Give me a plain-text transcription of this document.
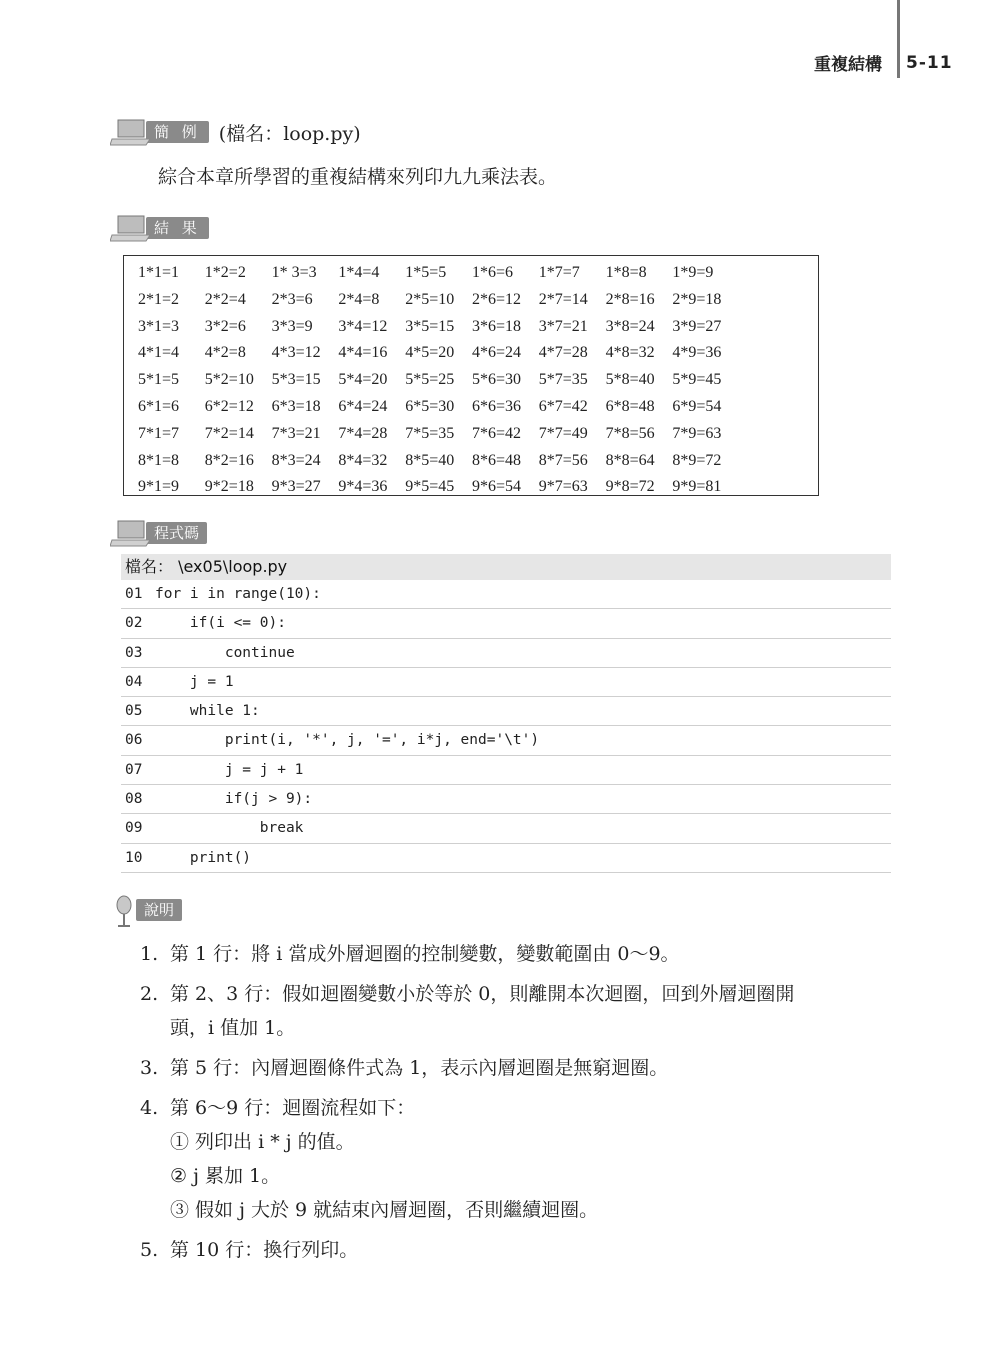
重複結構 5-11
簡 例 (檔名：loop.py)
綜合本章所學習的重複結構來列印九九乘法表。
結 果
1*1=1	1*2=2	1* 3=3	1*4=4	1*5=5	1*6=6	1*7=7	1*8=8	1*9=9
2*1=2	2*2=4	2*3=6	2*4=8	2*5=10	2*6=12	2*7=14	2*8=16	2*9=18
3*1=3	3*2=6	3*3=9	3*4=12	3*5=15	3*6=18	3*7=21	3*8=24	3*9=27
4*1=4	4*2=8	4*3=12	4*4=16	4*5=20	4*6=24	4*7=28	4*8=32	4*9=36
5*1=5	5*2=10	5*3=15	5*4=20	5*5=25	5*6=30	5*7=35	5*8=40	5*9=45
6*1=6	6*2=12	6*3=18	6*4=24	6*5=30	6*6=36	6*7=42	6*8=48	6*9=54
7*1=7	7*2=14	7*3=21	7*4=28	7*5=35	7*6=42	7*7=49	7*8=56	7*9=63
8*1=8	8*2=16	8*3=24	8*4=32	8*5=40	8*6=48	8*7=56	8*8=64	8*9=72
9*1=9	9*2=18	9*3=27	9*4=36	9*5=45	9*6=54	9*7=63	9*8=72	9*9=81
程式碼
檔名： \ex05\loop.py
01 for i in range(10):
02 if(i <= 0):
03 continue
04 j = 1
05 while 1:
06 print(i, '*', j, '=', i*j, end='\t')
07 j = j + 1
08 if(j > 9):
09 break
10 print()
說明
1. 第 1 行：將 i 當成外層迴圈的控制變數，變數範圍由 0～9。
2. 第 2、3 行：假如迴圈變數小於等於 0，則離開本次迴圈，回到外層迴圈開
頭，i 值加 1。
3. 第 5 行：內層迴圈條件式為 1，表示內層迴圈是無窮迴圈。
4. 第 6～9 行：迴圈流程如下：
① 列印出 i * j 的值。
② j 累加 1。
③ 假如 j 大於 9 就結束內層迴圈，否則繼續迴圈。
5. 第 10 行：換行列印。
